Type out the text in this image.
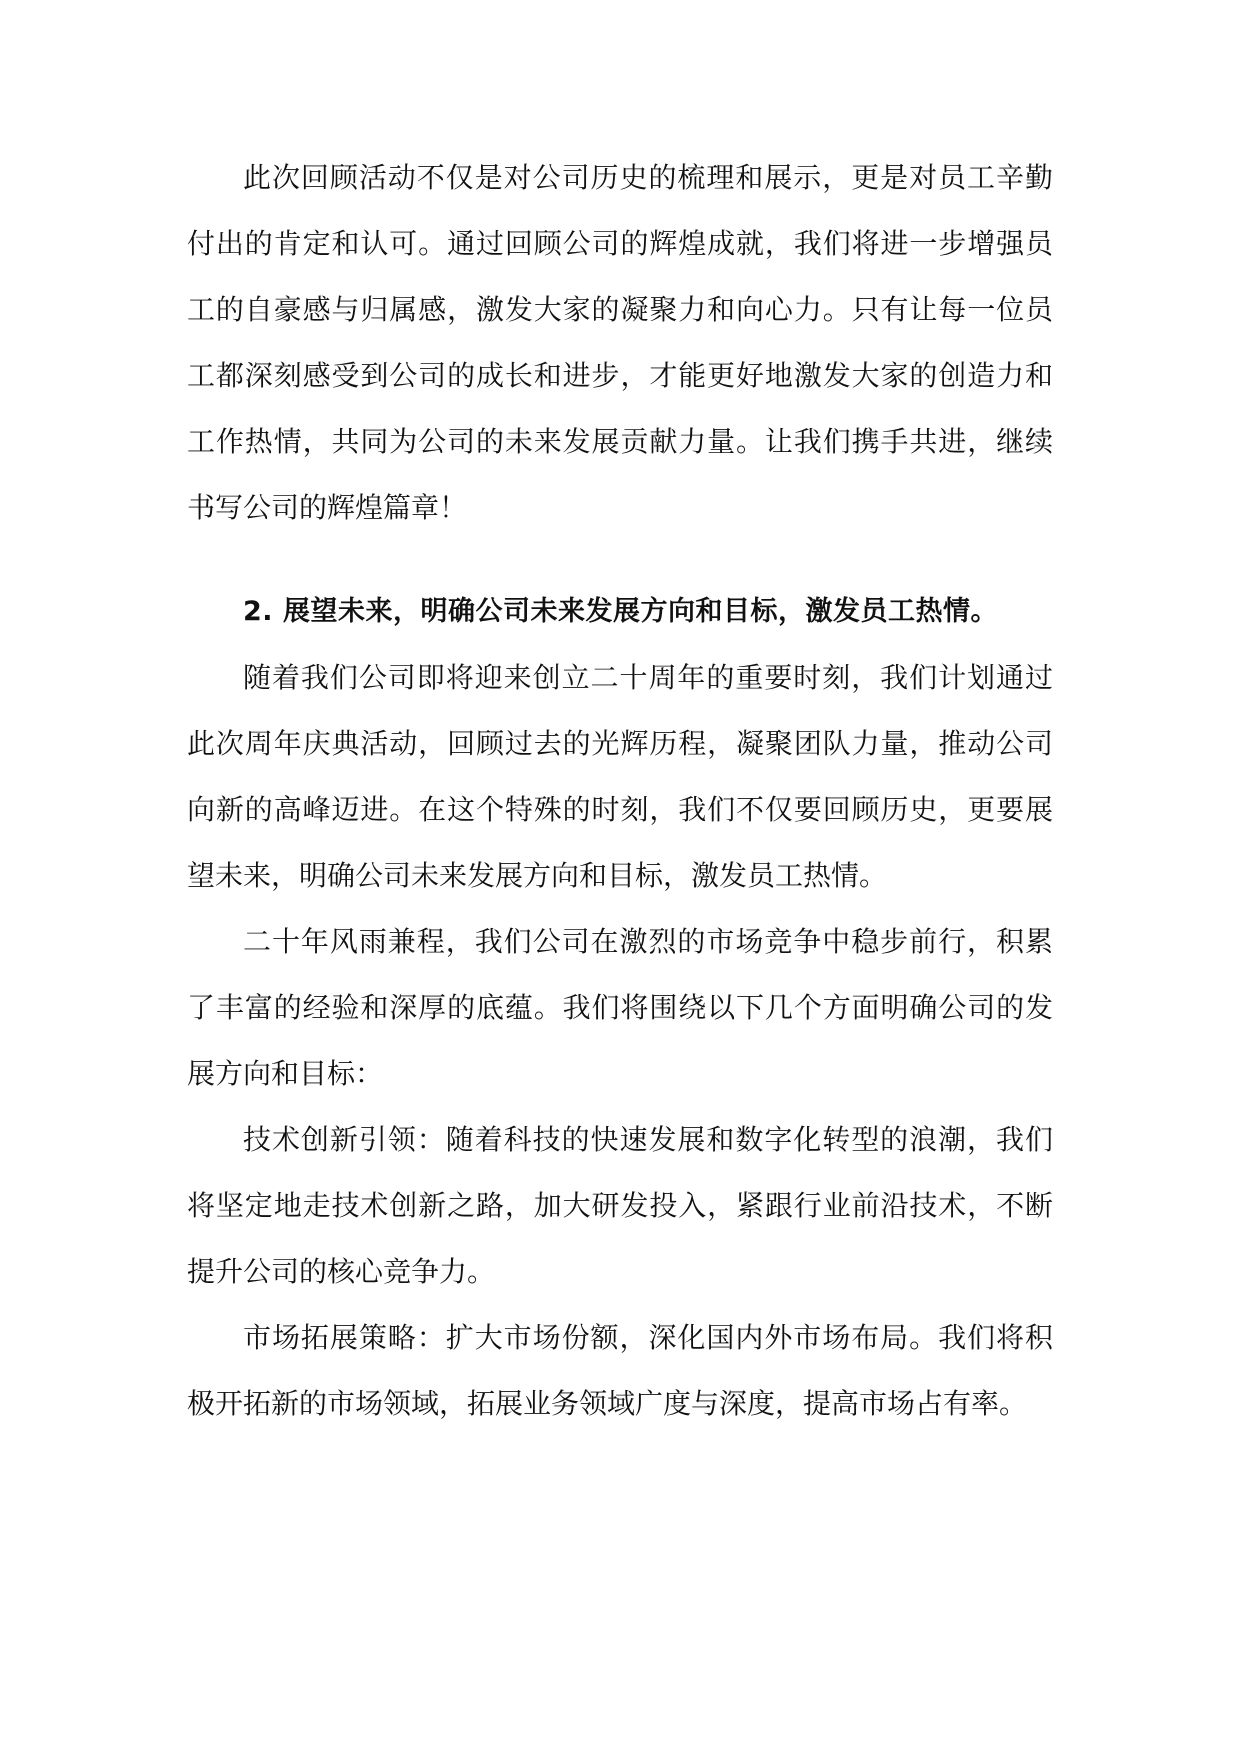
此次回顾活动不仅是对公司历史的梳理和展示，更是对员工辛勤付出的肯定和认可。通过回顾公司的辉煌成就，我们将进一步增强员工的自豪感与归属感，激发大家的凝聚力和向心力。只有让每一位员工都深刻感受到公司的成长和进步，才能更好地激发大家的创造力和工作热情，共同为公司的未来发展贡献力量。让我们携手共进，继续书写公司的辉煌篇章！

2. 展望未来，明确公司未来发展方向和目标，激发员工热情。

随着我们公司即将迎来创立二十周年的重要时刻，我们计划通过此次周年庆典活动，回顾过去的光辉历程，凝聚团队力量，推动公司向新的高峰迈进。在这个特殊的时刻，我们不仅要回顾历史，更要展望未来，明确公司未来发展方向和目标，激发员工热情。

二十年风雨兼程，我们公司在激烈的市场竞争中稳步前行，积累了丰富的经验和深厚的底蕴。我们将围绕以下几个方面明确公司的发展方向和目标：

技术创新引领：随着科技的快速发展和数字化转型的浪潮，我们将坚定地走技术创新之路，加大研发投入，紧跟行业前沿技术，不断提升公司的核心竞争力。

市场拓展策略：扩大市场份额，深化国内外市场布局。我们将积极开拓新的市场领域，拓展业务领域广度与深度，提高市场占有率。
